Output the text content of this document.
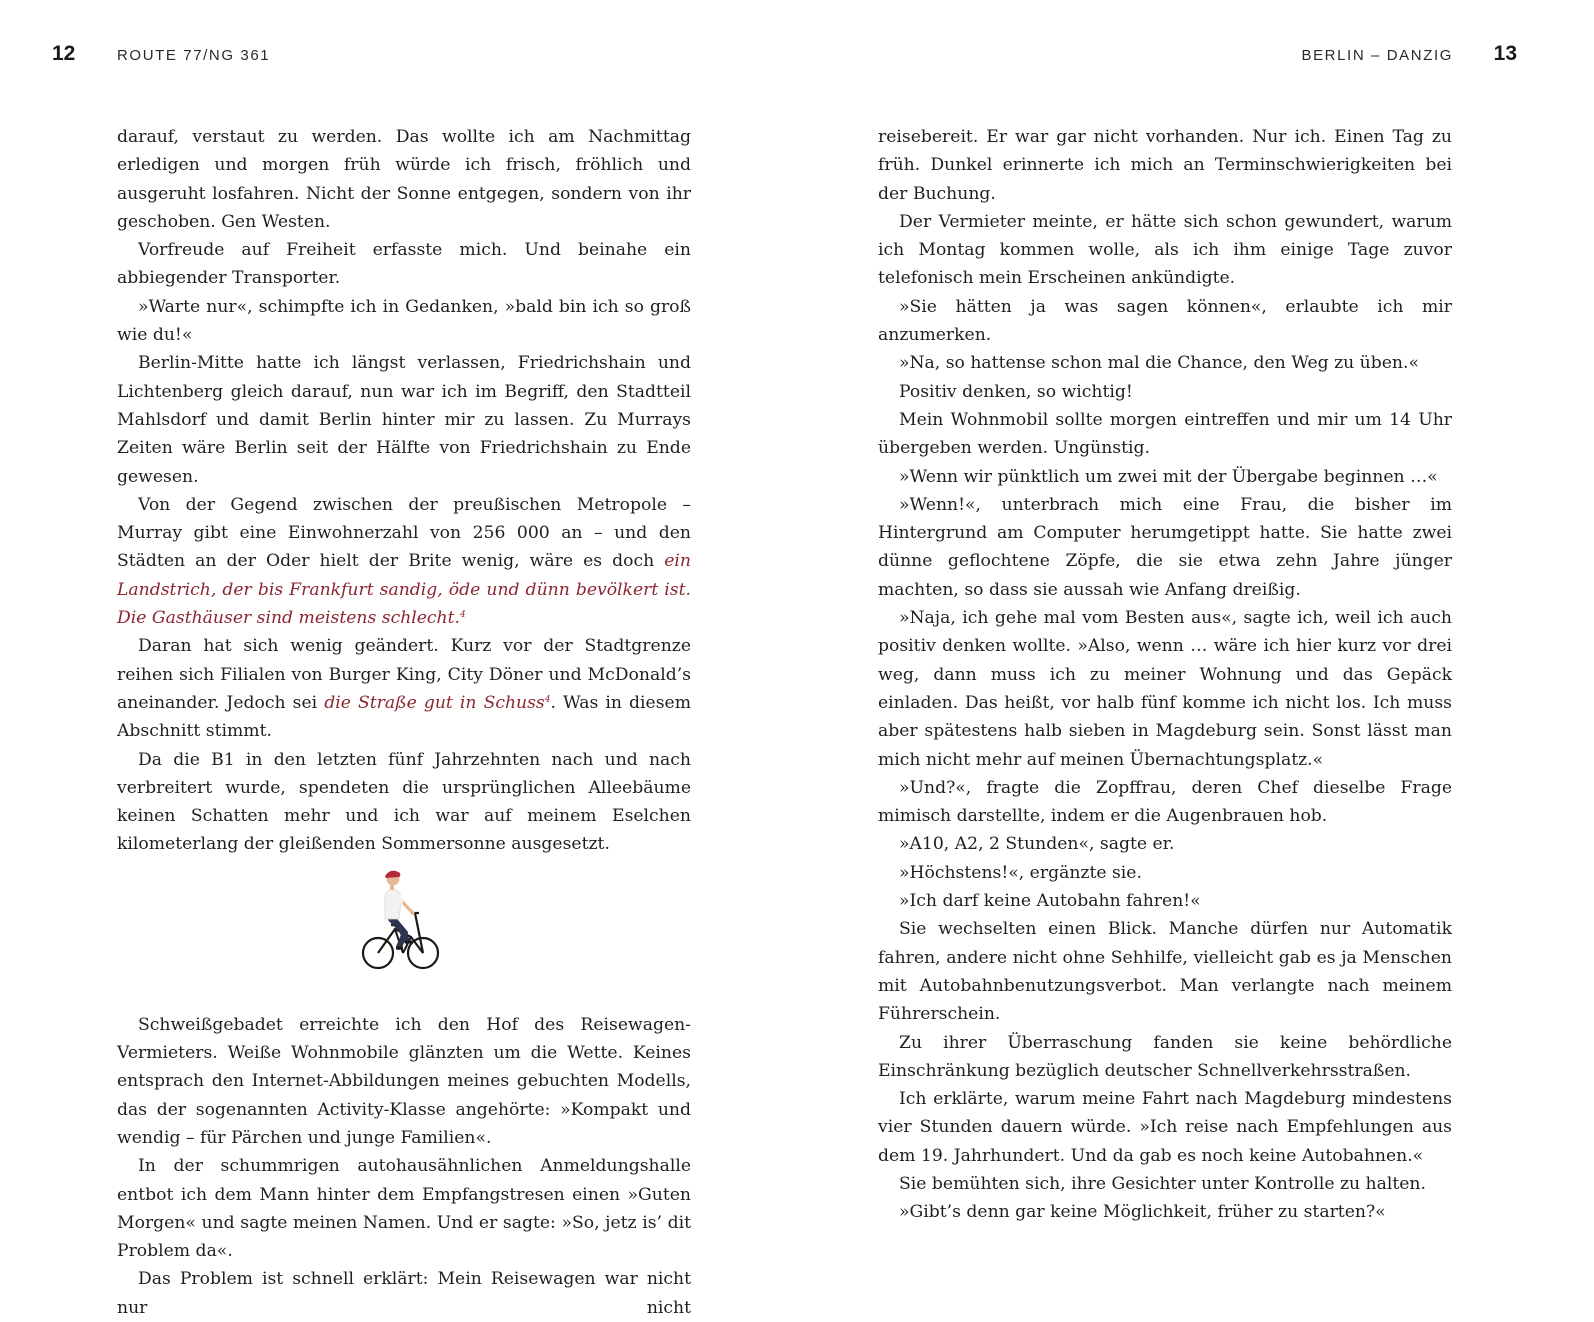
12	ROUTE 77/NG 361	BERLIN – DANZIG 13

darauf, verstaut zu werden. Das wollte ich am Nachmittag erledigen und morgen früh würde ich frisch, fröhlich und ausgeruht losfahren. Nicht der Sonne entgegen, sondern von ihr geschoben. Gen Westen.

Vorfreude auf Freiheit erfasste mich. Und beinahe ein abbiegender Transporter.

»Warte nur«, schimpfte ich in Gedanken, »bald bin ich so groß wie du!«

Berlin-Mitte hatte ich längst verlassen, Friedrichshain und Lichtenberg gleich darauf, nun war ich im Begriff, den Stadtteil Mahlsdorf und damit Berlin hinter mir zu lassen. Zu Murrays Zeiten wäre Berlin seit der Hälfte von Friedrichshain zu Ende gewesen.

Von der Gegend zwischen der preußischen Metropole – Murray gibt eine Einwohnerzahl von 256 000 an – und den Städten an der Oder hielt der Brite wenig, wäre es doch ein Landstrich, der bis Frankfurt sandig, öde und dünn bevölkert ist. Die Gasthäuser sind meistens schlecht.$^4$

Daran hat sich wenig geändert. Kurz vor der Stadtgrenze reihen sich Filialen von Burger King, City Döner und McDonald’s aneinander. Jedoch sei die Straße gut in Schuss$^4$. Was in diesem Abschnitt stimmt.

Da die B1 in den letzten fünf Jahrzehnten nach und nach verbreitert wurde, spendeten die ursprünglichen Alleebäume keinen Schatten mehr und ich war auf meinem Eselchen kilometerlang der gleißenden Sommersonne ausgesetzt.

Schweißgebadet erreichte ich den Hof des Reisewagen-Vermieters. Weiße Wohnmobile glänzten um die Wette. Keines entsprach den Internet-Abbildungen meines gebuchten Modells, das der sogenannten Activity-Klasse angehörte: »Kompakt und wendig – für Pärchen und junge Familien«.

In der schummrigen autohausähnlichen Anmeldungshalle entbot ich dem Mann hinter dem Empfangstresen einen »Guten Morgen« und sagte meinen Namen. Und er sagte: »So, jetz is’ dit Problem da«.

Das Problem ist schnell erklärt: Mein Reisewagen war nicht nur nicht

reisebereit. Er war gar nicht vorhanden. Nur ich. Einen Tag zu früh. Dunkel erinnerte ich mich an Terminschwierigkeiten bei der Buchung.

Der Vermieter meinte, er hätte sich schon gewundert, warum ich Montag kommen wolle, als ich ihm einige Tage zuvor telefonisch mein Erscheinen ankündigte.

»Sie hätten ja was sagen können«, erlaubte ich mir anzumerken.

»Na, so hattense schon mal die Chance, den Weg zu üben.«

Positiv denken, so wichtig!

Mein Wohnmobil sollte morgen eintreffen und mir um 14 Uhr übergeben werden. Ungünstig.

»Wenn wir pünktlich um zwei mit der Übergabe beginnen …«

»Wenn!«, unterbrach mich eine Frau, die bisher im Hintergrund am Computer herumgetippt hatte. Sie hatte zwei dünne geflochtene Zöpfe, die sie etwa zehn Jahre jünger machten, so dass sie aussah wie Anfang dreißig.

»Naja, ich gehe mal vom Besten aus«, sagte ich, weil ich auch positiv denken wollte. »Also, wenn … wäre ich hier kurz vor drei weg, dann muss ich zu meiner Wohnung und das Gepäck einladen. Das heißt, vor halb fünf komme ich nicht los. Ich muss aber spätestens halb sieben in Magdeburg sein. Sonst lässt man mich nicht mehr auf meinen Übernachtungsplatz.«

»Und?«, fragte die Zopffrau, deren Chef dieselbe Frage mimisch darstellte, indem er die Augenbrauen hob.

»A10, A2, 2 Stunden«, sagte er.

»Höchstens!«, ergänzte sie.

»Ich darf keine Autobahn fahren!«

Sie wechselten einen Blick. Manche dürfen nur Automatik fahren, andere nicht ohne Sehhilfe, vielleicht gab es ja Menschen mit Autobahnbenutzungsverbot. Man verlangte nach meinem Führerschein.

Zu ihrer Überraschung fanden sie keine behördliche Einschränkung bezüglich deutscher Schnellverkehrsstraßen.

Ich erklärte, warum meine Fahrt nach Magdeburg mindestens vier Stunden dauern würde. »Ich reise nach Empfehlungen aus dem 19. Jahrhundert. Und da gab es noch keine Autobahnen.«

Sie bemühten sich, ihre Gesichter unter Kontrolle zu halten.

»Gibt’s denn gar keine Möglichkeit, früher zu starten?«
